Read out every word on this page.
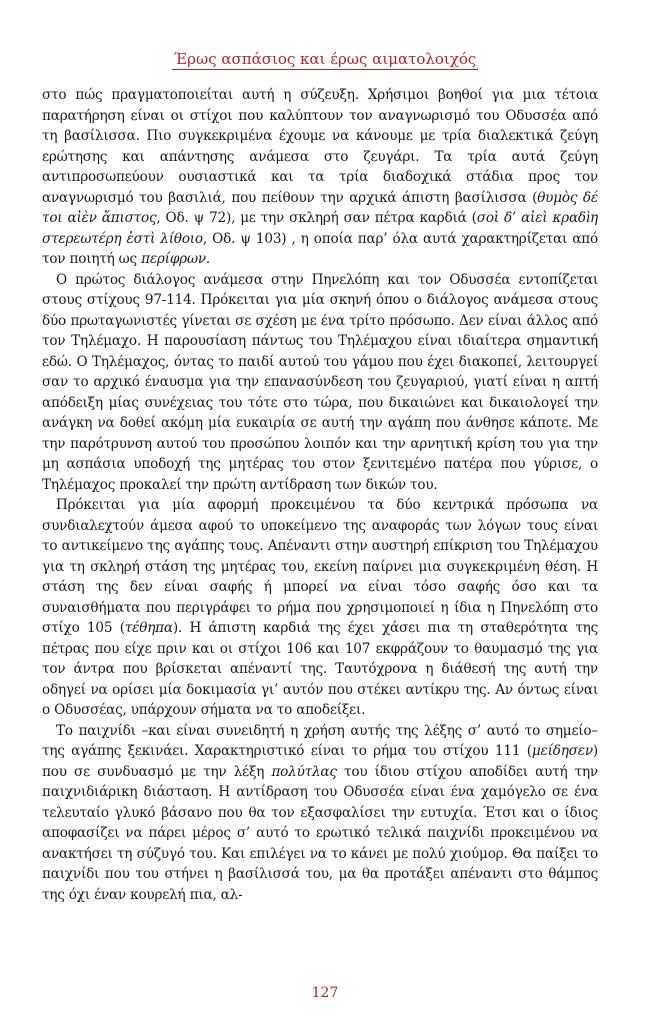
Έρως ασπάσιος και έρως αιματολοιχός

στο πώς πραγματοποιείται αυτή η σύζευξη. Χρήσιμοι βοηθοί για μια τέτοια παρατήρηση είναι οι στίχοι που καλύπτουν τον αναγνωρισμό του Οδυσσέα από τη βασίλισσα. Πιο συγκεκριμένα έχουμε να κάνουμε με τρία διαλεκτικά ζεύγη ερώτησης και απάντησης ανάμεσα στο ζευγάρι. Τα τρία αυτά ζεύγη αντιπροσωπεύουν ουσιαστικά και τα τρία διαδοχικά στάδια προς τον αναγνωρισμό του βασιλιά, που πείθουν την αρχικά άπιστη βασίλισσα (θυμὸς δέ τοι αἰὲν ἄπιστος, Οδ. ψ 72), με την σκληρή σαν πέτρα καρδιά (σοὶ δ’ αἰεὶ κραδìη στερεωτέρη ἐστὶ λίθοιο, Οδ. ψ 103) , η οποία παρ’ όλα αυτά χαρακτηρίζεται από τον ποιητή ως περίφρων.

Ο πρώτος διάλογος ανάμεσα στην Πηνελόπη και τον Οδυσσέα εντοπίζεται στους στίχους 97-114. Πρόκειται για μία σκηνή όπου ο διάλογος ανάμεσα στους δύο πρωταγωνιστές γίνεται σε σχέση με ένα τρίτο πρόσωπο. Δεν είναι άλλος από τον Τηλέμαχο. Η παρουσίαση πάντως του Τηλέμαχου είναι ιδιαίτερα σημαντική εδώ. Ο Τηλέμαχος, όντας το παιδί αυτού του γάμου που έχει διακοπεί, λειτουργεί σαν το αρχικό έναυσμα για την επανασύνδεση του ζευγαριού, γιατί είναι η απτή απόδειξη μίας συνέχειας του τότε στο τώρα, που δικαιώνει και δικαιολογεί την ανάγκη να δοθεί ακόμη μία ευκαιρία σε αυτή την αγάπη που άνθησε κάποτε. Με την παρότρυνση αυτού του προσώπου λοιπόν και την αρνητική κρίση του για την μη ασπάσια υποδοχή της μητέρας του στον ξενιτεμένο πατέρα που γύρισε, ο Τηλέμαχος προκαλεί την πρώτη αντίδραση των δικών του.

Πρόκειται για μία αφορμή προκειμένου τα δύο κεντρικά πρόσωπα να συνδιαλεχτούν άμεσα αφού το υποκείμενο της αναφοράς των λόγων τους είναι το αντικείμενο της αγάπης τους. Απέναντι στην αυστηρή επίκριση του Τηλέμαχου για τη σκληρή στάση της μητέρας του, εκείνη παίρνει μια συγκεκριμένη θέση. Η στάση της δεν είναι σαφής ή μπορεί να είναι τόσο σαφής όσο και τα συναισθήματα που περιγράφει το ρήμα που χρησιμοποιεί η ίδια η Πηνελόπη στο στίχο 105 (τέθηπα). Η άπιστη καρδιά της έχει χάσει πια τη σταθερότητα της πέτρας που είχε πριν και οι στίχοι 106 και 107 εκφράζουν το θαυμασμό της για τον άντρα που βρίσκεται απέναντί της. Ταυτόχρονα η διάθεσή της αυτή την οδηγεί να ορίσει μία δοκιμασία γι’ αυτόν που στέκει αντίκρυ της. Αν όντως είναι ο Οδυσσέας, υπάρχουν σήματα να το αποδείξει.

Το παιχνίδι –και είναι συνειδητή η χρήση αυτής της λέξης σ’ αυτό το σημείο– της αγάπης ξεκινάει. Χαρακτηριστικό είναι το ρήμα του στίχου 111 (μείδησεν) που σε συνδυασμό με την λέξη πολύτλας του ίδιου στίχου αποδίδει αυτή την παιχνιδιάρικη διάσταση. Η αντίδραση του Οδυσσέα είναι ένα χαμόγελο σε ένα τελευταίο γλυκό βάσανο που θα τον εξασφαλίσει την ευτυχία. Έτσι και ο ίδιος αποφασίζει να πάρει μέρος σ’ αυτό το ερωτικό τελικά παιχνίδι προκειμένου να ανακτήσει τη σύζυγό του. Και επιλέγει να το κάνει με πολύ χιούμορ. Θα παίξει το παιχνίδι που του στήνει η βασίλισσά του, μα θα προτάξει απέναντι στο θάμπος της όχι έναν κουρελή πια, αλ-

127
